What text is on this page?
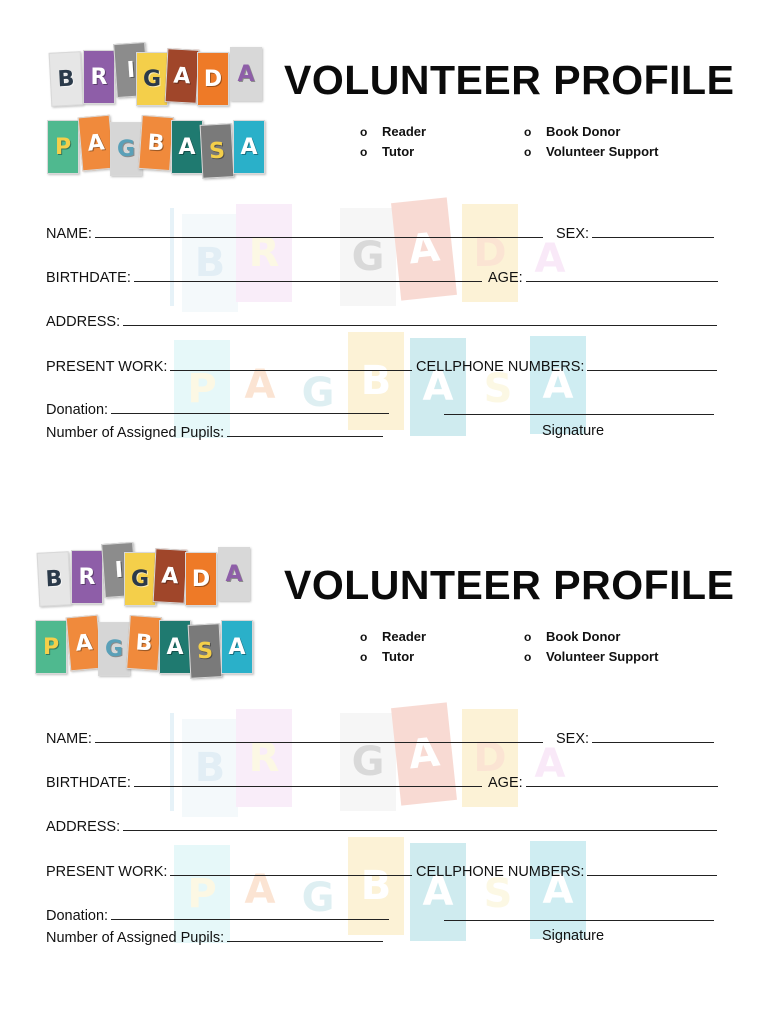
B R I G A D A
P A G B A S A
B R	G A D A
P A G B A S A
VOLUNTEER PROFILE
o	Reader
o	Tutor
o	Book Donor
o	Volunteer Support
NAME:	SEX:
BIRTHDATE:	AGE:
ADDRESS:
PRESENT WORK:	CELLPHONE NUMBERS:
Donation:
Number of Assigned Pupils:	Signature
B R I G A D A
P A G B A S A
B R	G A D A
P A G B A S A
VOLUNTEER PROFILE
o	Reader
o	Tutor
o	Book Donor
o	Volunteer Support
NAME:	SEX:
BIRTHDATE:	AGE:
ADDRESS:
PRESENT WORK:	CELLPHONE NUMBERS:
Donation:
Number of Assigned Pupils:	Signature
